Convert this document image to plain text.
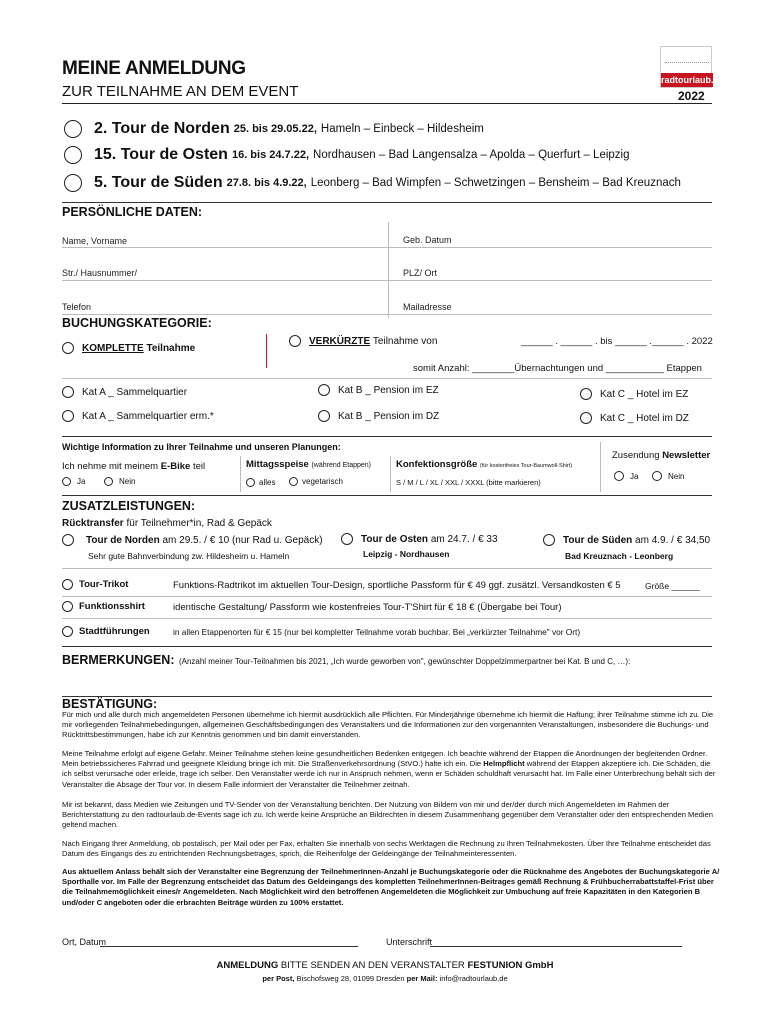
MEINE ANMELDUNG
ZUR TEILNAHME AN DEM EVENT
radtourlaub.de
2022
2. Tour de Norden 25. bis 29.05.22, Hameln – Einbeck – Hildesheim
15. Tour de Osten 16. bis 24.7.22, Nordhausen – Bad Langensalza – Apolda – Querfurt – Leipzig
5. Tour de Süden 27.8. bis 4.9.22, Leonberg – Bad Wimpfen – Schwetzingen – Bensheim – Bad Kreuznach
PERSÖNLICHE DATEN:
Name, Vorname	Geb. Datum
Str./ Hausnummer/	PLZ/ Ort
Telefon	Mailadresse
BUCHUNGSKATEGORIE:
KOMPLETTE
Teilnahme
VERKÜRZTE
Teilnahme von	______ . ______ . bis ______ .______ . 2022
somit Anzahl: ________Übernachtungen und ___________ Etappen
Kat A _ Sammelquartier	Kat B _ Pension im EZ	Kat C _ Hotel im EZ
Kat A _ Sammelquartier erm.*	Kat B _ Pension im DZ	Kat C _ Hotel im DZ
Wichtige Information zu Ihrer Teilnahme und unseren Planungen:
Ich nehme mit meinem E-Bike teil
Ja	Nein
Mittagsspeise (während Etappen)
alles	vegetarisch
Konfektionsgröße (für kostenfreies Tour-Baumwoll-Shirt)
S / M / L / XL / XXL / XXXL (bitte markieren)
Zusendung Newsletter
Ja	Nein
ZUSATZLEISTUNGEN:
Rücktransfer für Teilnehmer*in, Rad & Gepäck
Tour de Norden
am 29.5. / € 10 (nur Rad u. Gepäck)
Sehr gute Bahnverbindung zw. Hildesheim u. Hameln
Tour de Osten
am 24.7. / € 33
Leipzig - Nordhausen
Tour de Süden
am 4.9. / € 34,50
Bad Kreuznach - Leonberg
Tour-Trikot	Funktions-Radtrikot im aktuellen Tour-Design, sportliche Passform für € 49 ggf. zusätzl. Versandkosten € 5	Größe ______
Funktionsshirt	identische Gestaltung/ Passform wie kostenfreies Tour-T'Shirt für € 18 € (Übergabe bei Tour)
Stadtführungen	in allen Etappenorten für € 15 (nur bei kompletter Teilnahme vorab buchbar. Bei „verkürzter Teilnahme" vor Ort)
BERMERKUNGEN: (Anzahl meiner Tour-Teilnahmen bis 2021, „Ich wurde geworben von", gewünschter Doppelzimmerpartner bei Kat. B und C, …):
BESTÄTIGUNG:
Für mich und alle durch mich angemeldeten Personen übernehme ich hiermit ausdrücklich alle Pflichten. Für Minderjährige übernehme ich hiermit die Haftung; ihrer Teilnahme stimme ich zu. Die mir vorliegenden Teilnahmebedingungen, allgemeinen Geschäftsbedingungen des Veranstalters und die Informationen zur den vorgenannten Veranstaltungen, insbesondere die Buchungs- und Rücktrittsbestimmungen, habe ich zur Kenntnis genommen und bin damit einverstanden.
Meine Teilnahme erfolgt auf eigene Gefahr. Meiner Teilnahme stehen keine gesundheitlichen Bedenken entgegen. Ich beachte während der Etappen die Anordnungen der begleitenden Ordner. Mein betriebssicheres Fahrrad und geeignete Kleidung bringe ich mit. Die Straßenverkehrsordnung (StVO.) halte ich ein. Die Helmpflicht während der Etappen akzeptiere ich. Die Schäden, die ich selbst verursache oder erleide, trage ich selber. Den Veranstalter werde ich nur in Anspruch nehmen, wenn er Schäden schuldhaft verursacht hat. Im Falle einer Unterbrechung behält sich der Veranstalter die Absage der Tour vor. In diesem Falle informiert der Veranstalter die Teilnehmer zeitnah.
Mir ist bekannt, dass Medien wie Zeitungen und TV-Sender von der Veranstaltung berichten. Der Nutzung von Bildern von mir und der/der durch mich Angemeldeten im Rahmen der Berichterstattung zu den radtourlaub.de-Events sage ich zu. Ich werde keine Ansprüche an Bildrechten in diesem Zusammenhang gegenüber dem Veranstalter oder den entsprechenden Medien geltend machen.
Nach Eingang Ihrer Anmeldung, ob postalisch, per Mail oder per Fax, erhalten Sie innerhalb von sechs Werktagen die Rechnung zu Ihren Teilnahmekosten. Über Ihre Teilnahme entscheidet das Datum des Eingangs des zu entrichtenden Rechnungsbetrages, sprich, die Reihenfolge der Geldeingänge der Teilnahmeinteressenten.
Aus aktuellem Anlass behält sich der Veranstalter eine Begrenzung der TeilnehmerInnen-Anzahl je Buchungskategorie oder die Rücknahme des Angebotes der Buchungskategorie A/ Sporthalle vor. Im Falle der Begrenzung entscheidet das Datum des Geldeingangs des kompletten TeilnehmerInnen-Beitrages gemäß Rechnung & Frühbucherrabattstaffel-Frist über die Teilnahmemöglichkeit eines/r Angemeldeten. Nach Möglichkeit wird den betroffenen Angemeldeten die Möglichkeit zur Umbuchung auf freie Kapazitäten in den Kategorien B und/oder C angeboten oder die erbrachten Beiträge würden zu 100% erstattet.
Ort, Datum	Unterschrift
ANMELDUNG BITTE SENDEN AN DEN VERANSTALTER FESTUNION GmbH
per Post, Bischofsweg 28, 01099 Dresden per Mail: info@radtourlaub.de
